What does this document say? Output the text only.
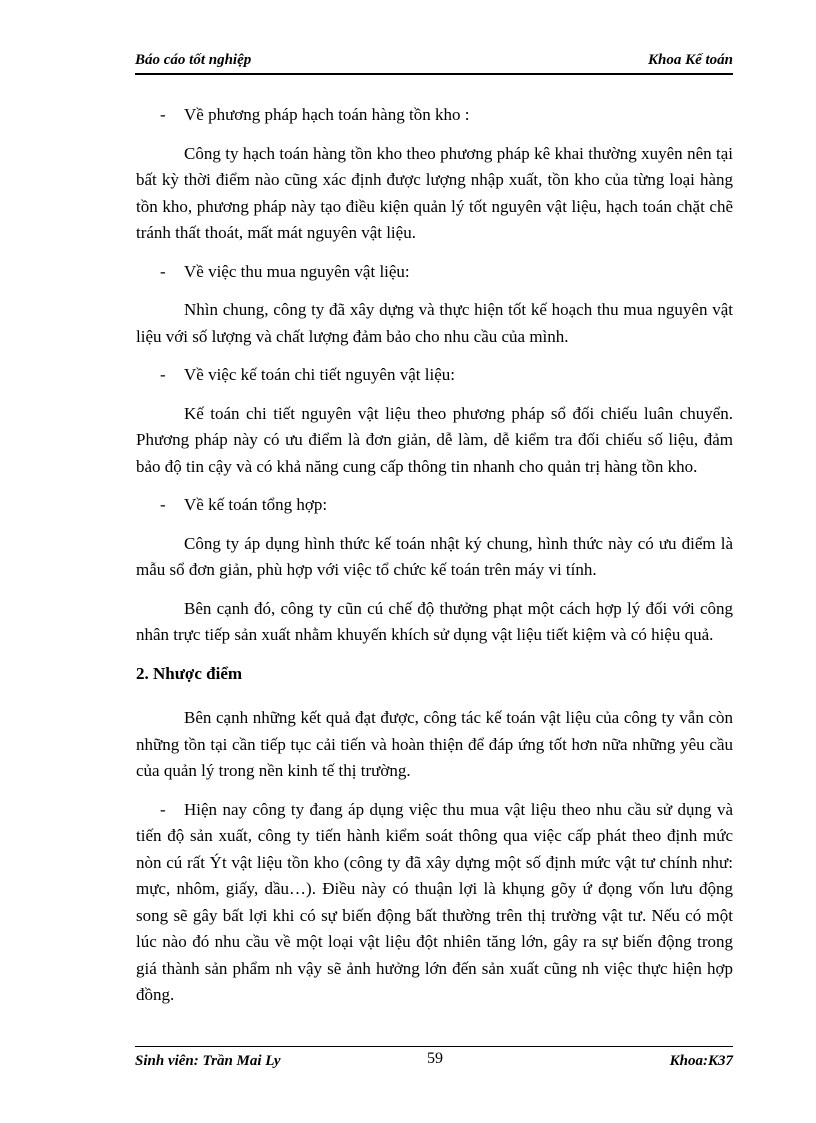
Báo cáo tốt nghiệp	Khoa Kế toán

- Về phương pháp hạch toán hàng tồn kho :

Công ty hạch toán hàng tồn kho theo phương pháp kê khai thường xuyên nên tại bất kỳ thời điểm nào cũng xác định được lượng nhập xuất, tồn kho của từng loại hàng tồn kho, phương pháp này tạo điều kiện quản lý tốt nguyên vật liệu, hạch toán chặt chẽ tránh thất thoát, mất mát nguyên vật liệu.

- Về việc thu mua nguyên vật liệu:

Nhìn chung, công ty đã xây dựng và thực hiện tốt kế hoạch thu mua nguyên vật liệu với số lượng và chất lượng đảm bảo cho nhu cầu của mình.

- Về việc kế toán chi tiết nguyên vật liệu:

Kế toán chi tiết nguyên vật liệu theo phương pháp sổ đối chiếu luân chuyển. Phương pháp này có ưu điểm là đơn giản, dễ làm, dễ kiểm tra đối chiếu số liệu, đảm bảo độ tin cậy và có khả năng cung cấp thông tin nhanh cho quản trị hàng tồn kho.

- Về kế toán tổng hợp:

Công ty áp dụng hình thức kế toán nhật ký chung, hình thức này có ưu điểm là mẫu sổ đơn giản, phù hợp với việc tổ chức kế toán trên máy vi tính.

Bên cạnh đó, công ty cũn cú chế độ thưởng phạt một cách hợp lý đối với công nhân trực tiếp sản xuất nhằm khuyến khích sử dụng vật liệu tiết kiệm và có hiệu quả.

2. Nhược điểm

Bên cạnh những kết quả đạt được, công tác kế toán vật liệu của công ty vẫn còn những tồn tại cần tiếp tục cải tiến và hoàn thiện để đáp ứng tốt hơn nữa những yêu cầu của quản lý trong nền kinh tế thị trường.

- Hiện nay công ty đang áp dụng việc thu mua vật liệu theo nhu cầu sử dụng và tiến độ sản xuất, công ty tiến hành kiểm soát thông qua việc cấp phát theo định mức nòn cú rất Ýt vật liệu tồn kho (công ty đã xây dựng một số định mức vật tư chính như: mực, nhôm, giấy, dầu…). Điều này có thuận lợi là khụng gõy ứ đọng vốn lưu động song sẽ gây bất lợi khi có sự biến động bất thường trên thị trường vật tư. Nếu có một lúc nào đó nhu cầu về một loại vật liệu đột nhiên tăng lớn, gây ra sự biến động trong giá thành sản phẩm nh vậy sẽ ảnh hưởng lớn đến sản xuất cũng nh việc thực hiện hợp đồng.

Sinh viên: Trần Mai Ly	59	Khoa:K37
